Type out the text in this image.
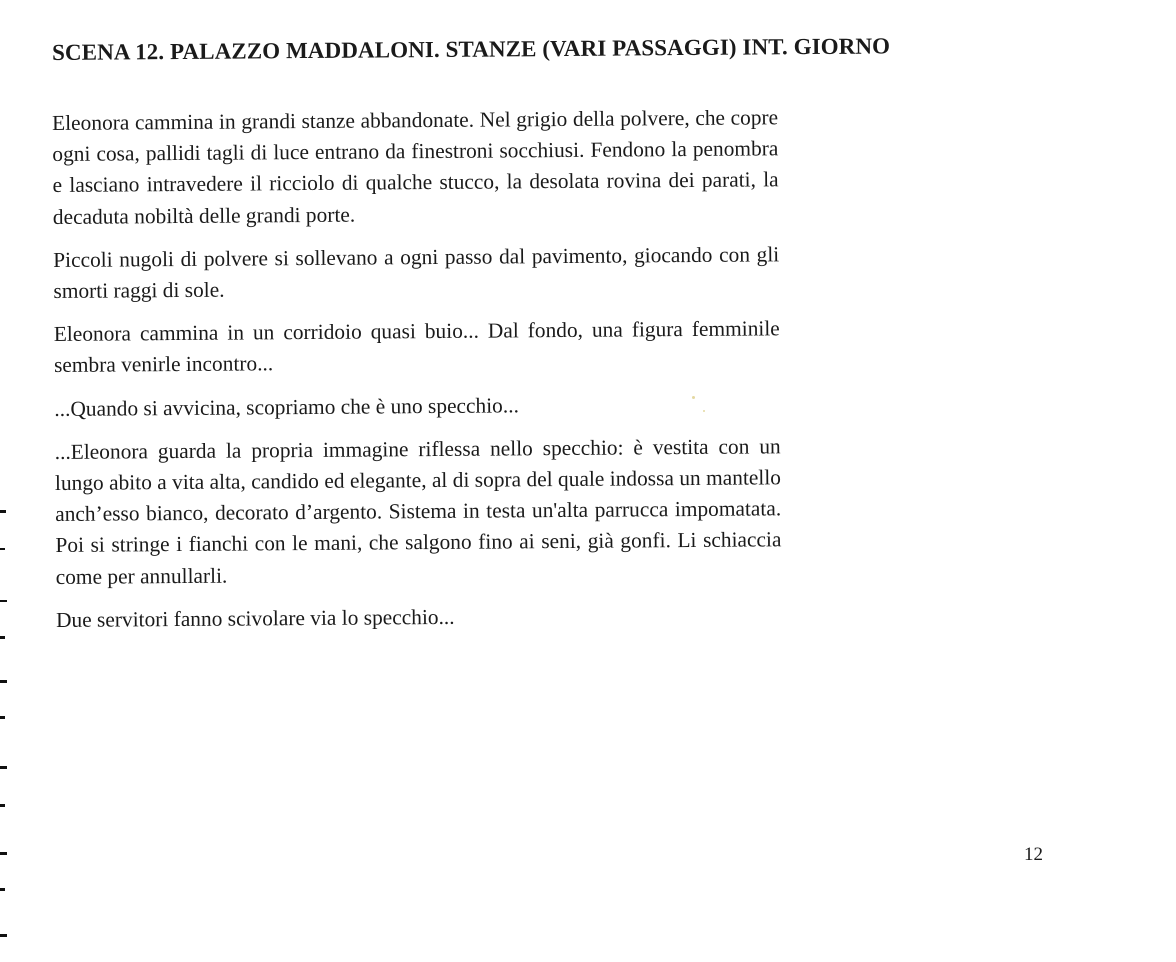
SCENA 12. PALAZZO MADDALONI. STANZE (VARI PASSAGGI) INT. GIORNO

Eleonora cammina in grandi stanze abbandonate. Nel grigio della polvere, che copre ogni cosa, pallidi tagli di luce entrano da finestroni socchiusi. Fendono la penombra e lasciano intravedere il ricciolo di qualche stucco, la desolata rovina dei parati, la decaduta nobiltà delle grandi porte.

Piccoli nugoli di polvere si sollevano a ogni passo dal pavimento, giocando con gli smorti raggi di sole.

Eleonora cammina in un corridoio quasi buio... Dal fondo, una figura femminile sembra venirle incontro...

...Quando si avvicina, scopriamo che è uno specchio...

...Eleonora guarda la propria immagine riflessa nello specchio: è vestita con un lungo abito a vita alta, candido ed elegante, al di sopra del quale indossa un mantello anch’esso bianco, decorato d’argento. Sistema in testa un'alta parrucca impomatata. Poi si stringe i fianchi con le mani, che salgono fino ai seni, già gonfi. Li schiaccia come per annullarli.

Due servitori fanno scivolare via lo specchio...

12
